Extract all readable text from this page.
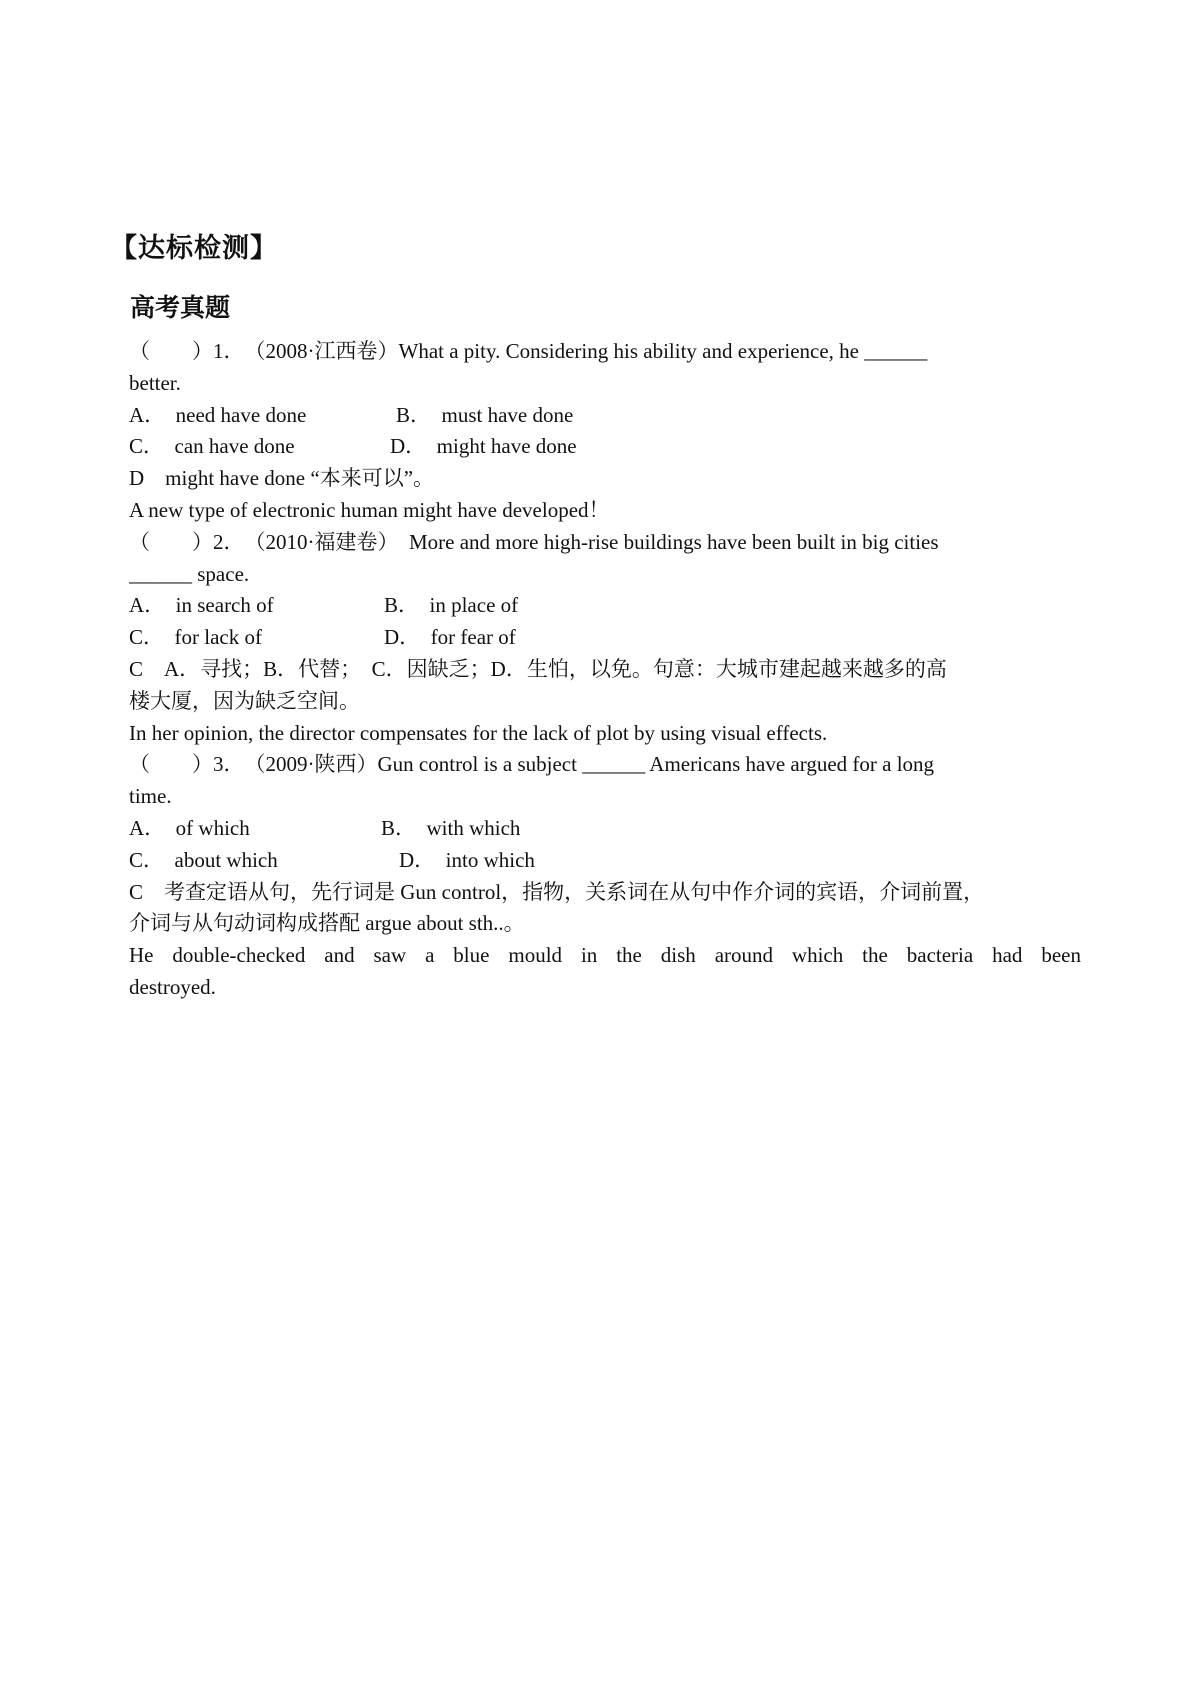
【达标检测】
高考真题
（　　）1．　（2008·江西卷）What a pity. Considering his ability and experience, he ______
better.
A．　need have done	B．　must have done
C．　can have done	D．　might have done
D　might have done “本来可以”。
A new type of electronic human might have developed！
（　　）2．　（2010·福建卷）　More and more high-rise buildings have been built in big cities
______ space.
A．　in search of	B．　in place of
C．　for lack of	D．　for fear of
C　A．寻找；B．代替；　C．因缺乏；D．生怕，以免。句意：大城市建起越来越多的高
楼大厦，因为缺乏空间。
In her opinion, the director compensates for the lack of plot by using visual effects.
（　　）3．　（2009·陕西）Gun control is a subject ______ Americans have argued for a long
time.
A．　of which	B．　with which
C．　about which	D．　into which
C　考查定语从句，先行词是 Gun control，指物，关系词在从句中作介词的宾语，介词前置，
介词与从句动词构成搭配 argue about sth..。
He double-checked and saw a blue mould in the dish around which the bacteria had been
destroyed.
